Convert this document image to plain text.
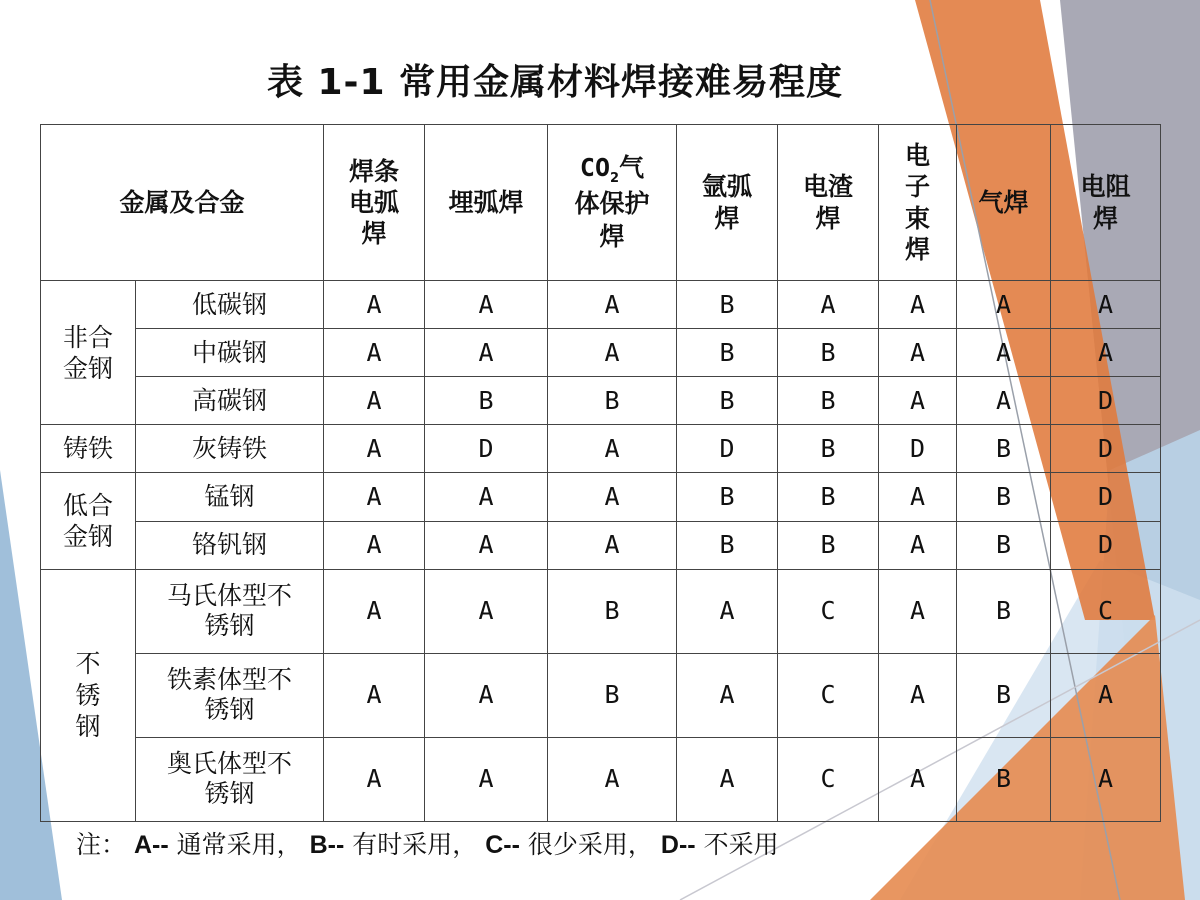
表 1-1 常用金属材料焊接难易程度
金属及合金		焊条电弧焊	埋弧焊	$CO_2$气体保护焊	氩弧焊	电渣焊	电子束焊	气焊	电阻焊
非合金钢	低碳钢	A	A	A	B	A	A	A	A
	中碳钢	A	A	A	B	B	A	A	A
	高碳钢	A	B	B	B	B	A	A	D
铸铁	灰铸铁	A	D	A	D	B	D	B	D
低合金钢	锰钢	A	A	A	B	B	A	B	D
	铬钒钢	A	A	A	B	B	A	B	D
不锈钢	马氏体型不锈钢	A	A	B	A	C	A	B	C
	铁素体型不锈钢	A	A	B	A	C	A	B	A
	奥氏体型不锈钢	A	A	A	A	C	A	B	A
注： A-- 通常采用， B-- 有时采用， C-- 很少采用， D-- 不采用
